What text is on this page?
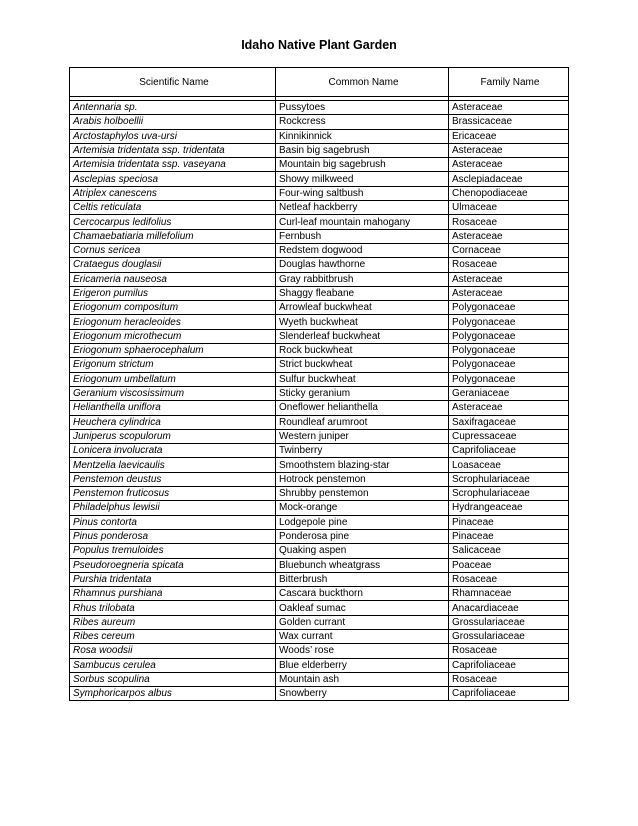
Idaho Native Plant Garden
Scientific Name	Common Name	Family Name

Antennaria sp.	Pussytoes	Asteraceae
Arabis holboellii	Rockcress	Brassicaceae
Arctostaphylos uva-ursi	Kinnikinnick	Ericaceae
Artemisia tridentata ssp. tridentata	Basin big sagebrush	Asteraceae
Artemisia tridentata ssp. vaseyana	Mountain big sagebrush	Asteraceae
Asclepias speciosa	Showy milkweed	Asclepiadaceae
Atriplex canescens	Four-wing saltbush	Chenopodiaceae
Celtis reticulata	Netleaf hackberry	Ulmaceae
Cercocarpus ledifolius	Curl-leaf mountain mahogany	Rosaceae
Chamaebatiaria millefolium	Fernbush	Asteraceae
Cornus sericea	Redstem dogwood	Cornaceae
Crataegus douglasii	Douglas hawthorne	Rosaceae
Ericameria nauseosa	Gray rabbitbrush	Asteraceae
Erigeron pumilus	Shaggy fleabane	Asteraceae
Eriogonum compositum	Arrowleaf buckwheat	Polygonaceae
Eriogonum heracleoides	Wyeth buckwheat	Polygonaceae
Eriogonum microthecum	Slenderleaf buckwheat	Polygonaceae
Eriogonum sphaerocephalum	Rock buckwheat	Polygonaceae
Erigonum strictum	Strict buckwheat	Polygonaceae
Eriogonum umbellatum	Sulfur buckwheat	Polygonaceae
Geranium viscosissimum	Sticky geranium	Geraniaceae
Helianthella uniflora	Oneflower helianthella	Asteraceae
Heuchera cylindrica	Roundleaf arumroot	Saxifragaceae
Juniperus scopulorum	Western juniper	Cupressaceae
Lonicera involucrata	Twinberry	Caprifoliaceae
Mentzelia laevicaulis	Smoothstem blazing-star	Loasaceae
Penstemon deustus	Hotrock penstemon	Scrophulariaceae
Penstemon fruticosus	Shrubby penstemon	Scrophulariaceae
Philadelphus lewisii	Mock-orange	Hydrangeaceae
Pinus contorta	Lodgepole pine	Pinaceae
Pinus ponderosa	Ponderosa pine	Pinaceae
Populus tremuloides	Quaking aspen	Salicaceae
Pseudoroegneria spicata	Bluebunch wheatgrass	Poaceae
Purshia tridentata	Bitterbrush	Rosaceae
Rhamnus purshiana	Cascara buckthorn	Rhamnaceae
Rhus trilobata	Oakleaf sumac	Anacardiaceae
Ribes aureum	Golden currant	Grossulariaceae
Ribes cereum	Wax currant	Grossulariaceae
Rosa woodsii	Woods’ rose	Rosaceae
Sambucus cerulea	Blue elderberry	Caprifoliaceae
Sorbus scopulina	Mountain ash	Rosaceae
Symphoricarpos albus	Snowberry	Caprifoliaceae
